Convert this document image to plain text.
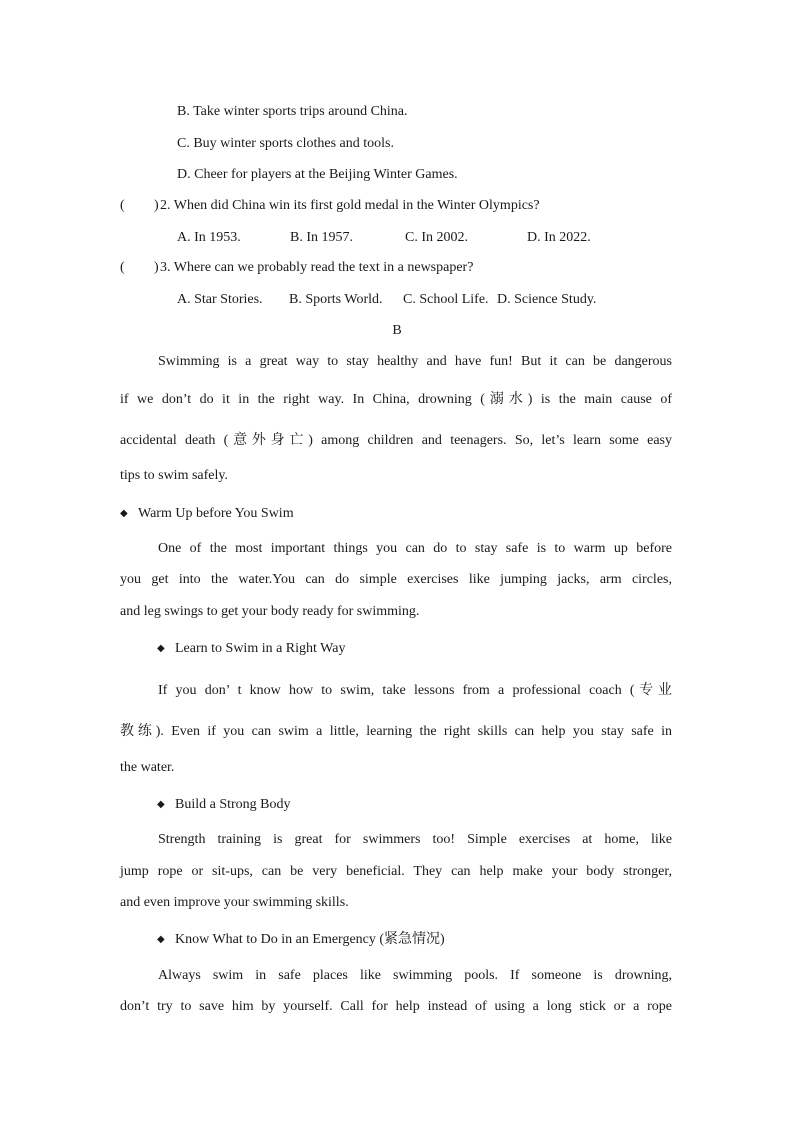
B. Take winter sports trips around China.
C. Buy winter sports clothes and tools.
D. Cheer for players at the Beijing Winter Games.
( )2. When did China win its first gold medal in the Winter Olympics?
A. In 1953.	B. In 1957.	C. In 2002.	D. In 2022.
( )3. Where can we probably read the text in a newspaper?
A. Star Stories. B. Sports World. C. School Life. D. Science Study.
B
Swimming is a great way to stay healthy and have fun! But it can be dangerous
if we don’t do it in the right way. In China, drowning (溺水) is the main cause of
accidental death (意外身亡) among children and teenagers. So, let’s learn some easy
tips to swim safely.
◆ Warm Up before You Swim
One of the most important things you can do to stay safe is to warm up before
you get into the water.You can do simple exercises like jumping jacks, arm circles,
and leg swings to get your body ready for swimming.
◆ Learn to Swim in a Right Way
If you don’ t know how to swim, take lessons from a professional coach (专业
教练). Even if you can swim a little, learning the right skills can help you stay safe in
the water.
◆ Build a Strong Body
Strength training is great for swimmers too! Simple exercises at home, like
jump rope or sit-ups, can be very beneficial. They can help make your body stronger,
and even improve your swimming skills.
◆ Know What to Do in an Emergency (紧急情况)
Always swim in safe places like swimming pools. If someone is drowning,
don’t try to save him by yourself. Call for help instead of using a long stick or a rope
